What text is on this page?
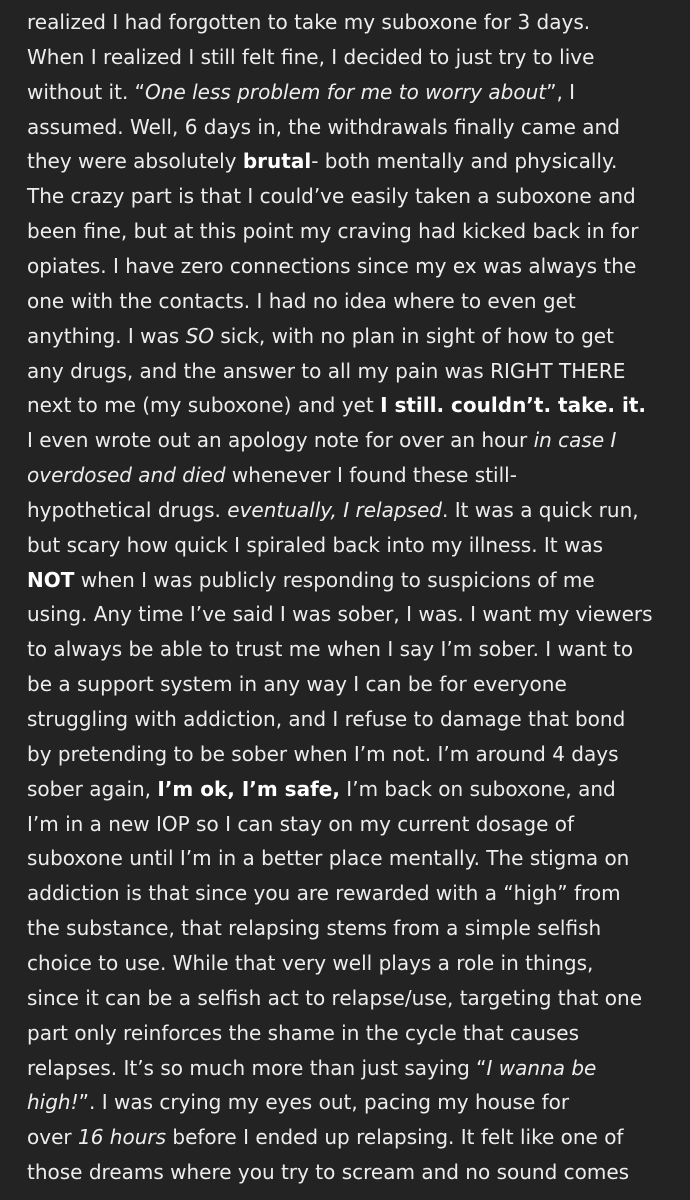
realized I had forgotten to take my suboxone for 3 days.
When I realized I still felt fine, I decided to just try to live
without it. “One less problem for me to worry about”, I
assumed. Well, 6 days in, the withdrawals finally came and
they were absolutely brutal- both mentally and physically.
The crazy part is that I could’ve easily taken a suboxone and
been fine, but at this point my craving had kicked back in for
opiates. I have zero connections since my ex was always the
one with the contacts. I had no idea where to even get
anything. I was SO sick, with no plan in sight of how to get
any drugs, and the answer to all my pain was RIGHT THERE
next to me (my suboxone) and yet I still. couldn’t. take. it.
I even wrote out an apology note for over an hour in case I
overdosed and died whenever I found these still-
hypothetical drugs. eventually, I relapsed. It was a quick run,
but scary how quick I spiraled back into my illness. It was
NOT when I was publicly responding to suspicions of me
using. Any time I’ve said I was sober, I was. I want my viewers
to always be able to trust me when I say I’m sober. I want to
be a support system in any way I can be for everyone
struggling with addiction, and I refuse to damage that bond
by pretending to be sober when I’m not. I’m around 4 days
sober again, I’m ok, I’m safe, I’m back on suboxone, and
I’m in a new IOP so I can stay on my current dosage of
suboxone until I’m in a better place mentally. The stigma on
addiction is that since you are rewarded with a “high” from
the substance, that relapsing stems from a simple selfish
choice to use. While that very well plays a role in things,
since it can be a selfish act to relapse/use, targeting that one
part only reinforces the shame in the cycle that causes
relapses. It’s so much more than just saying “I wanna be
high!”. I was crying my eyes out, pacing my house for
over 16 hours before I ended up relapsing. It felt like one of
those dreams where you try to scream and no sound comes
